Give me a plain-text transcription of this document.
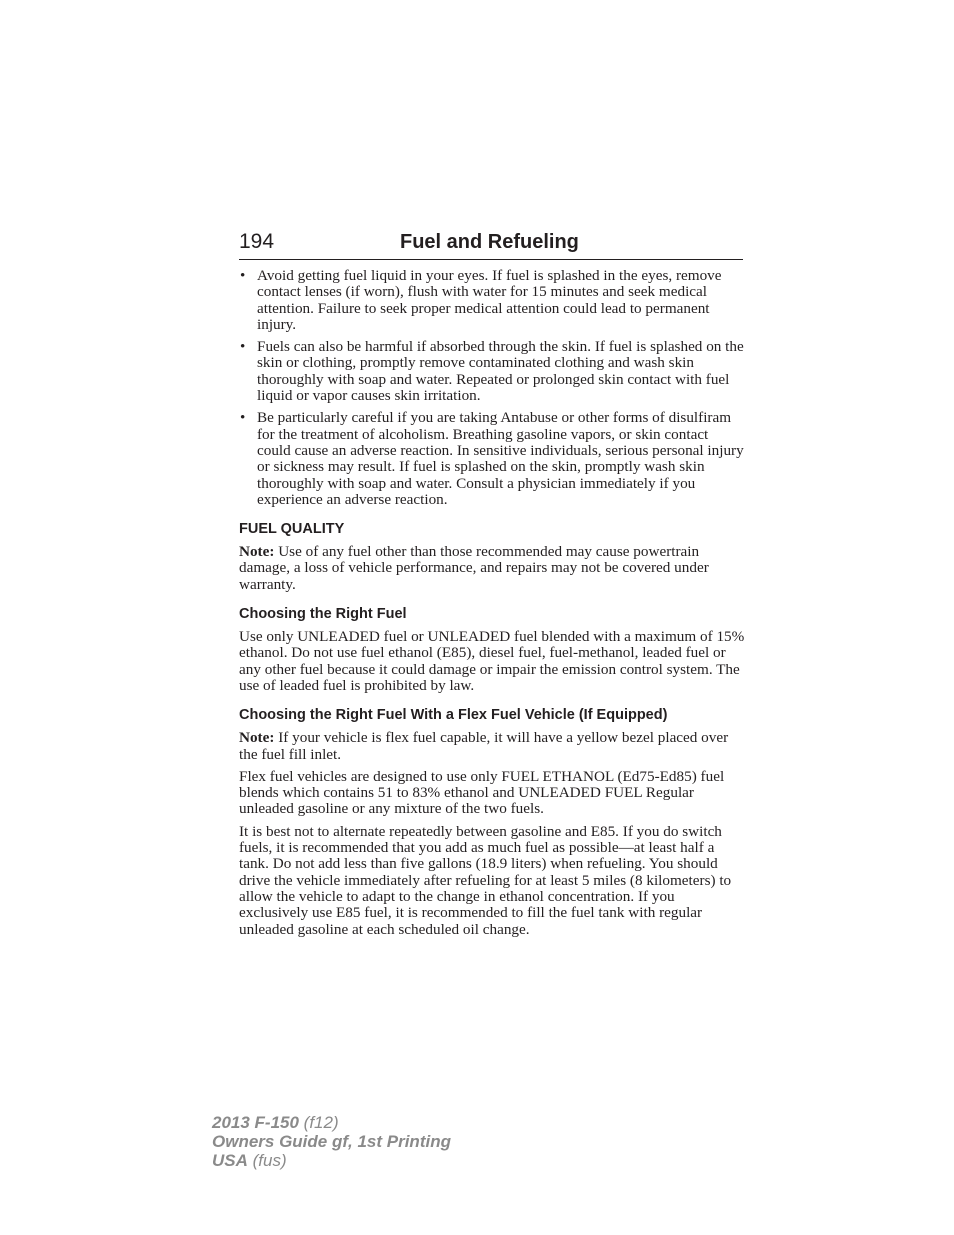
194	Fuel and Refueling
• Avoid getting fuel liquid in your eyes. If fuel is splashed in the eyes, remove contact lenses (if worn), flush with water for 15 minutes and seek medical attention. Failure to seek proper medical attention could lead to permanent injury.
• Fuels can also be harmful if absorbed through the skin. If fuel is splashed on the skin or clothing, promptly remove contaminated clothing and wash skin thoroughly with soap and water. Repeated or prolonged skin contact with fuel liquid or vapor causes skin irritation.
• Be particularly careful if you are taking Antabuse or other forms of disulfiram for the treatment of alcoholism. Breathing gasoline vapors, or skin contact could cause an adverse reaction. In sensitive individuals, serious personal injury or sickness may result. If fuel is splashed on the skin, promptly wash skin thoroughly with soap and water. Consult a physician immediately if you experience an adverse reaction.
FUEL QUALITY

Note: Use of any fuel other than those recommended may cause powertrain damage, a loss of vehicle performance, and repairs may not be covered under warranty.

Choosing the Right Fuel

Use only UNLEADED fuel or UNLEADED fuel blended with a maximum of 15% ethanol. Do not use fuel ethanol (E85), diesel fuel, fuel-methanol, leaded fuel or any other fuel because it could damage or impair the emission control system. The use of leaded fuel is prohibited by law.

Choosing the Right Fuel With a Flex Fuel Vehicle (If Equipped)

Note: If your vehicle is flex fuel capable, it will have a yellow bezel placed over the fuel fill inlet.

Flex fuel vehicles are designed to use only FUEL ETHANOL (Ed75-Ed85) fuel blends which contains 51 to 83% ethanol and UNLEADED FUEL Regular unleaded gasoline or any mixture of the two fuels.

It is best not to alternate repeatedly between gasoline and E85. If you do switch fuels, it is recommended that you add as much fuel as possible—at least half a tank. Do not add less than five gallons (18.9 liters) when refueling. You should drive the vehicle immediately after refueling for at least 5 miles (8 kilometers) to allow the vehicle to adapt to the change in ethanol concentration. If you exclusively use E85 fuel, it is recommended to fill the fuel tank with regular unleaded gasoline at each scheduled oil change.

2013 F-150 (f12)
Owners Guide gf, 1st Printing
USA (fus)
